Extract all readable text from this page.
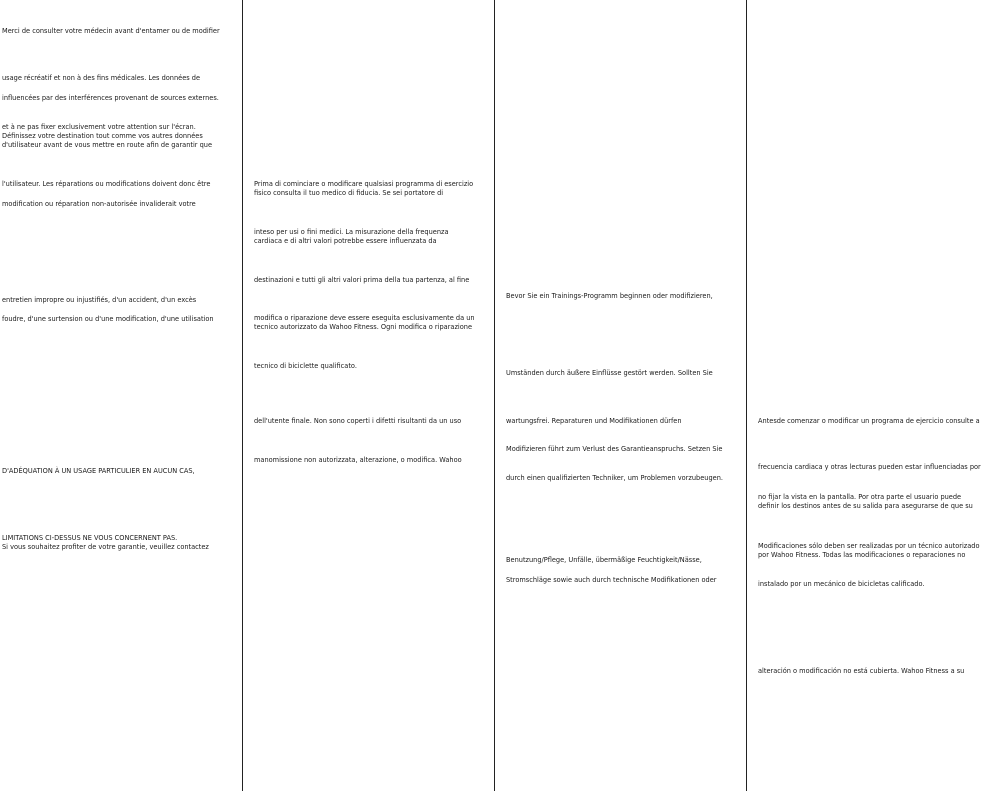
Merci de consulter votre médecin avant d'entamer ou de modifier

usage récréatif et non à des fins médicales. Les données de

influencées par des interférences provenant de sources externes.

et à ne pas fixer exclusivement votre attention sur l'écran.
Définissez votre destination tout comme vos autres données
d'utilisateur avant de vous mettre en route afin de garantir que

l'utilisateur. Les réparations ou modifications doivent donc être

modification ou réparation non-autorisée invaliderait votre

entretien impropre ou injustifiés, d'un accident, d'un excès

foudre, d'une surtension ou d'une modification, d'une utilisation

D'ADÉQUATION À UN USAGE PARTICULIER EN AUCUN CAS,

LIMITATIONS CI-DESSUS NE VOUS CONCERNENT PAS.
Si vous souhaitez profiter de votre garantie, veuillez contactez

Prima di cominciare o modificare qualsiasi programma di esercizio
fisico consulta il tuo medico di fiducia. Se sei portatore di

inteso per usi o fini medici. La misurazione della frequenza
cardiaca e di altri valori potrebbe essere influenzata da

destinazioni e tutti gli altri valori prima della tua partenza, al fine

modifica o riparazione deve essere eseguita esclusivamente da un
tecnico autorizzato da Wahoo Fitness. Ogni modifica o riparazione

tecnico di biciclette qualificato.

dell'utente finale. Non sono coperti i difetti risultanti da un uso

manomissione non autorizzata, alterazione, o modifica. Wahoo

Bevor Sie ein Trainings-Programm beginnen oder modifizieren,

Umständen durch äußere Einflüsse gestört werden. Sollten Sie

wartungsfrei. Reparaturen und Modifikationen dürfen

Modifizieren führt zum Verlust des Garantieanspruchs. Setzen Sie

durch einen qualifizierten Techniker, um Problemen vorzubeugen.

Benutzung/Pflege, Unfälle, übermäßige Feuchtigkeit/Nässe,

Stromschläge sowie auch durch technische Modifikationen oder

Antesde comenzar o modificar un programa de ejercicio consulte a

frecuencia cardiaca y otras lecturas pueden estar influenciadas por

no fijar la vista en la pantalla. Por otra parte el usuario puede
definir los destinos antes de su salida para asegurarse de que su

Modificaciones sólo deben ser realizadas por un técnico autorizado
por Wahoo Fitness. Todas las modificaciones o reparaciones no

instalado por un mecánico de bicicletas calificado.

alteración o modificación no está cubierta. Wahoo Fitness a su
